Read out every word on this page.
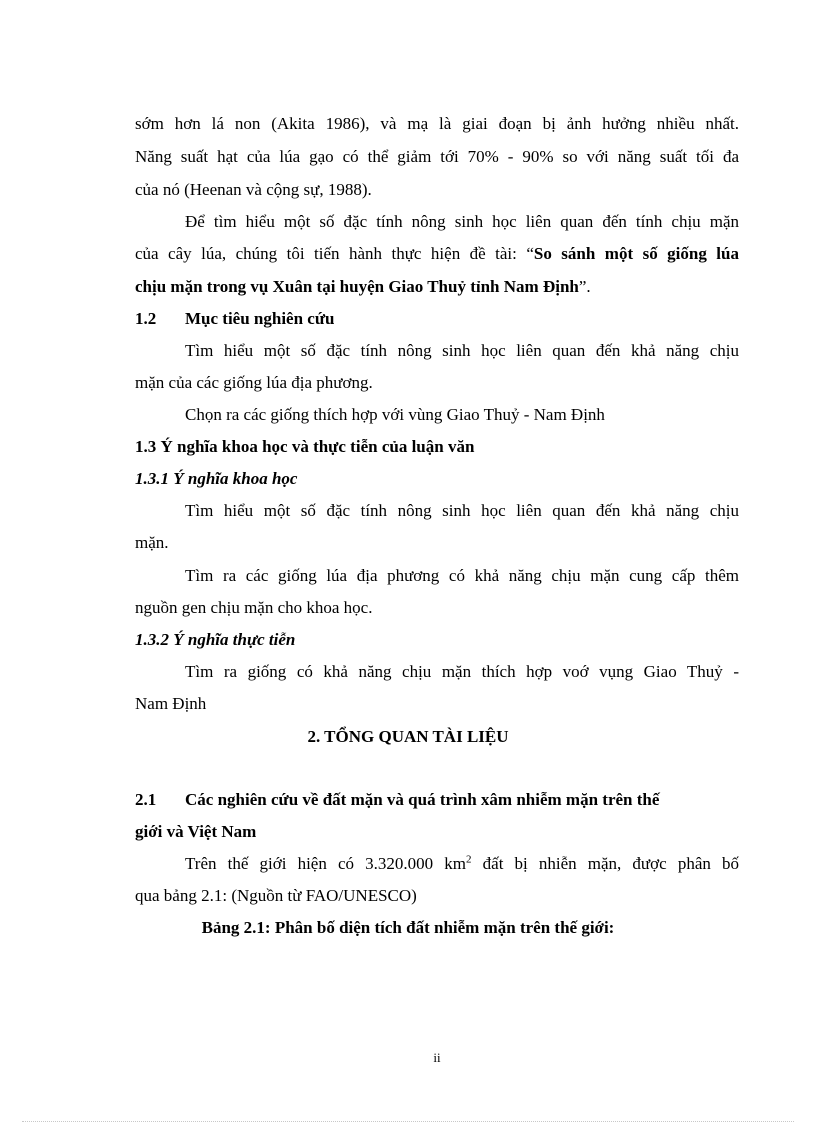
sớm hơn lá non (Akita 1986), và mạ là giai đoạn bị ảnh hưởng nhiều nhất.
Năng suất hạt của lúa gạo có thể giảm tới 70% - 90% so với năng suất tối đa
của nó (Heenan và cộng sự, 1988).
Để tìm hiểu một số đặc tính nông sinh học liên quan đến tính chịu mặn
của cây lúa, chúng tôi tiến hành thực hiện đề tài: “So sánh một số giống lúa
chịu mặn trong vụ Xuân tại huyện Giao Thuỷ tỉnh Nam Định”.
1.2 Mục tiêu nghiên cứu
Tìm hiểu một số đặc tính nông sinh học liên quan đến khả năng chịu
mặn của các giống lúa địa phương.
Chọn ra các giống thích hợp với vùng Giao Thuỷ - Nam Định
1.3 Ý nghĩa khoa học và thực tiễn của luận văn
1.3.1 Ý nghĩa khoa học
Tìm hiểu một số đặc tính nông sinh học liên quan đến khả năng chịu
mặn.
Tìm ra các giống lúa địa phương có khả năng chịu mặn cung cấp thêm
nguồn gen chịu mặn cho khoa học.
1.3.2 Ý nghĩa thực tiễn
Tìm ra giống có khả năng chịu mặn thích hợp voớ vụng Giao Thuỷ -
Nam Định
2. TỔNG QUAN TÀI LIỆU
2.1 Các nghiên cứu về đất mặn và quá trình xâm nhiễm mặn trên thế
giới và Việt Nam
Trên thế giới hiện có 3.320.000 $km^2$ đất bị nhiễn mặn, được phân bố
qua bảng 2.1: (Nguồn từ FAO/UNESCO)
Bảng 2.1: Phân bố diện tích đất nhiễm mặn trên thế giới:
ii
